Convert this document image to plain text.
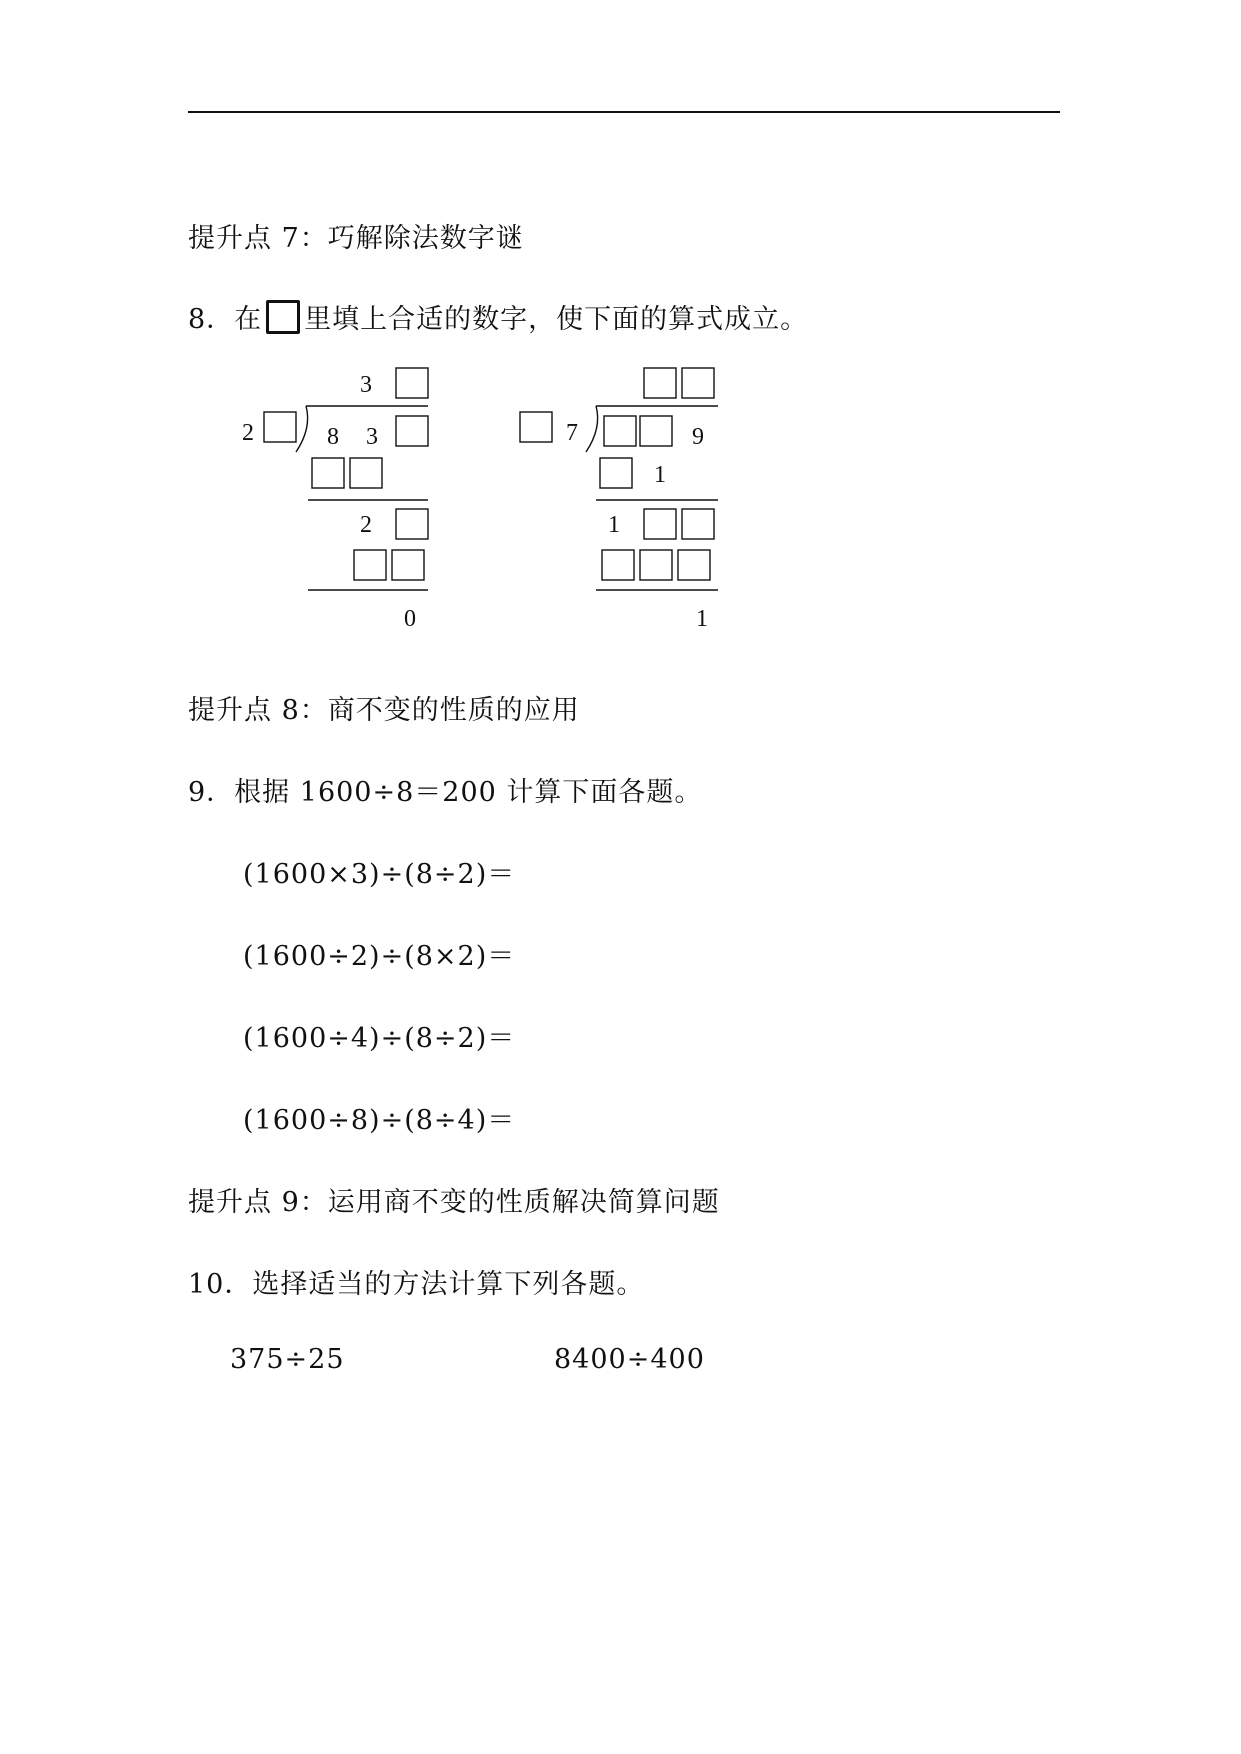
提升点 7：巧解除法数字谜
8．在 里填上合适的数字，使下面的算式成立。
3
2	8 3
2
0
7	9
1
1
1
提升点 8：商不变的性质的应用
9．根据 1600÷8＝200 计算下面各题。
(1600×3)÷(8÷2)＝
(1600÷2)÷(8×2)＝
(1600÷4)÷(8÷2)＝
(1600÷8)÷(8÷4)＝
提升点 9：运用商不变的性质解决简算问题
10．选择适当的方法计算下列各题。
375÷25	8400÷400
